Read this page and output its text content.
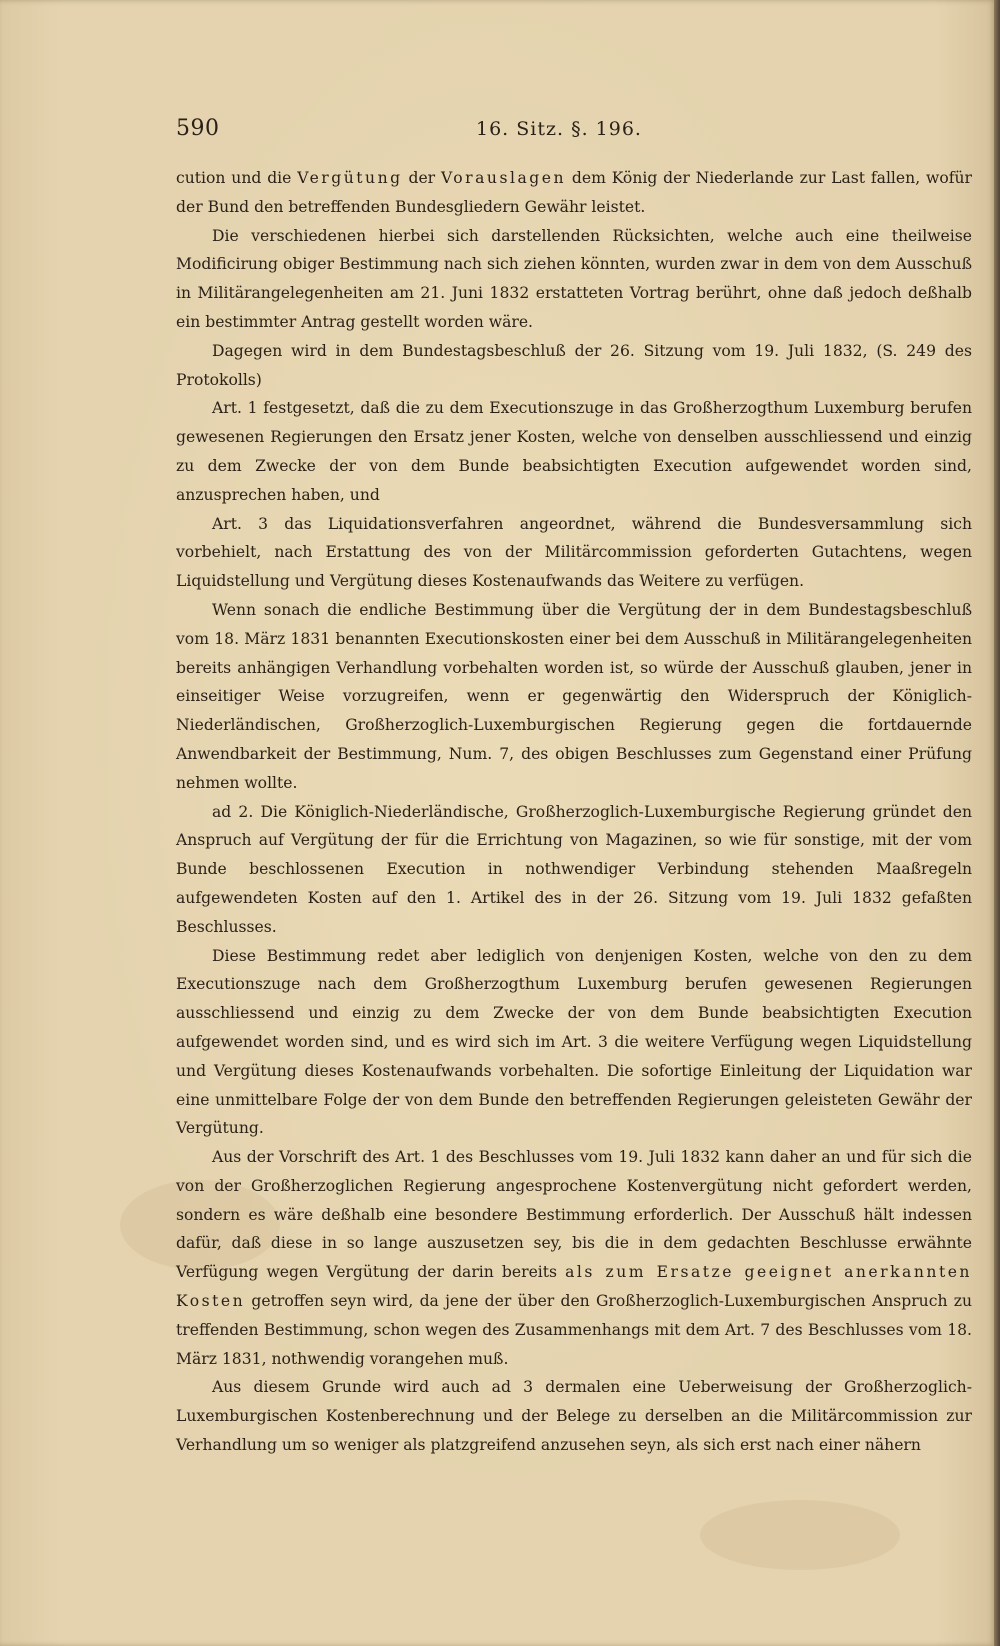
590	16. Sitz. §. 196.

cution und die Vergütung der Vorauslagen dem König der Niederlande zur Last fallen, wofür der Bund den betreffenden Bundesgliedern Gewähr leistet.

Die verschiedenen hierbei sich darstellenden Rücksichten, welche auch eine theilweise Modificirung obiger Bestimmung nach sich ziehen könnten, wurden zwar in dem von dem Ausschuß in Militärangelegenheiten am 21. Juni 1832 erstatteten Vortrag berührt, ohne daß jedoch deßhalb ein bestimmter Antrag gestellt worden wäre.

Dagegen wird in dem Bundestagsbeschluß der 26. Sitzung vom 19. Juli 1832, (S. 249 des Protokolls)

Art. 1 festgesetzt, daß die zu dem Executionszuge in das Großherzogthum Luxemburg berufen gewesenen Regierungen den Ersatz jener Kosten, welche von denselben ausschliessend und einzig zu dem Zwecke der von dem Bunde beabsichtigten Execution aufgewendet worden sind, anzusprechen haben, und

Art. 3 das Liquidationsverfahren angeordnet, während die Bundesversammlung sich vorbehielt, nach Erstattung des von der Militärcommission geforderten Gutachtens, wegen Liquidstellung und Vergütung dieses Kostenaufwands das Weitere zu verfügen.

Wenn sonach die endliche Bestimmung über die Vergütung der in dem Bundestagsbeschluß vom 18. März 1831 benannten Executionskosten einer bei dem Ausschuß in Militärangelegenheiten bereits anhängigen Verhandlung vorbehalten worden ist, so würde der Ausschuß glauben, jener in einseitiger Weise vorzugreifen, wenn er gegenwärtig den Widerspruch der Königlich-Niederländischen, Großherzoglich-Luxemburgischen Regierung gegen die fortdauernde Anwendbarkeit der Bestimmung, Num. 7, des obigen Beschlusses zum Gegenstand einer Prüfung nehmen wollte.

ad 2. Die Königlich-Niederländische, Großherzoglich-Luxemburgische Regierung gründet den Anspruch auf Vergütung der für die Errichtung von Magazinen, so wie für sonstige, mit der vom Bunde beschlossenen Execution in nothwendiger Verbindung stehenden Maaßregeln aufgewendeten Kosten auf den 1. Artikel des in der 26. Sitzung vom 19. Juli 1832 gefaßten Beschlusses.

Diese Bestimmung redet aber lediglich von denjenigen Kosten, welche von den zu dem Executionszuge nach dem Großherzogthum Luxemburg berufen gewesenen Regierungen ausschliessend und einzig zu dem Zwecke der von dem Bunde beabsichtigten Execution aufgewendet worden sind, und es wird sich im Art. 3 die weitere Verfügung wegen Liquidstellung und Vergütung dieses Kostenaufwands vorbehalten. Die sofortige Einleitung der Liquidation war eine unmittelbare Folge der von dem Bunde den betreffenden Regierungen geleisteten Gewähr der Vergütung.

Aus der Vorschrift des Art. 1 des Beschlusses vom 19. Juli 1832 kann daher an und für sich die von der Großherzoglichen Regierung angesprochene Kostenvergütung nicht gefordert werden, sondern es wäre deßhalb eine besondere Bestimmung erforderlich. Der Ausschuß hält indessen dafür, daß diese in so lange auszusetzen sey, bis die in dem gedachten Beschlusse erwähnte Verfügung wegen Vergütung der darin bereits als zum Ersatze geeignet anerkannten Kosten getroffen seyn wird, da jene der über den Großherzoglich-Luxemburgischen Anspruch zu treffenden Bestimmung, schon wegen des Zusammenhangs mit dem Art. 7 des Beschlusses vom 18. März 1831, nothwendig vorangehen muß.

Aus diesem Grunde wird auch ad 3 dermalen eine Ueberweisung der Großherzoglich-Luxemburgischen Kostenberechnung und der Belege zu derselben an die Militärcommission zur Verhandlung um so weniger als platzgreifend anzusehen seyn, als sich erst nach einer nähern
